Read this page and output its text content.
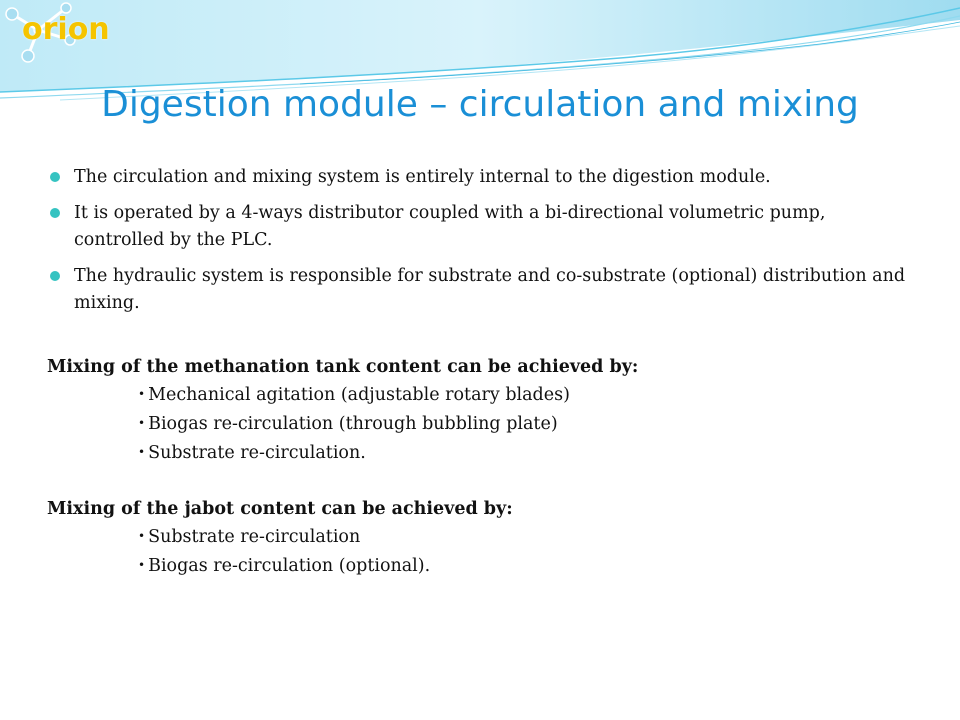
orion
Digestion module – circulation and mixing
The circulation and mixing system is entirely internal to the digestion module.
It is operated by a 4-ways distributor coupled with a bi-directional volumetric pump, controlled by the PLC.
The hydraulic system is responsible for substrate and co-substrate (optional) distribution and mixing.

Mixing of the methanation tank content can be achieved by:

• Mechanical agitation (adjustable rotary blades)
• Biogas re-circulation (through bubbling plate)
• Substrate re-circulation.

Mixing of the jabot content can be achieved by:

• Substrate re-circulation
• Biogas re-circulation (optional).
